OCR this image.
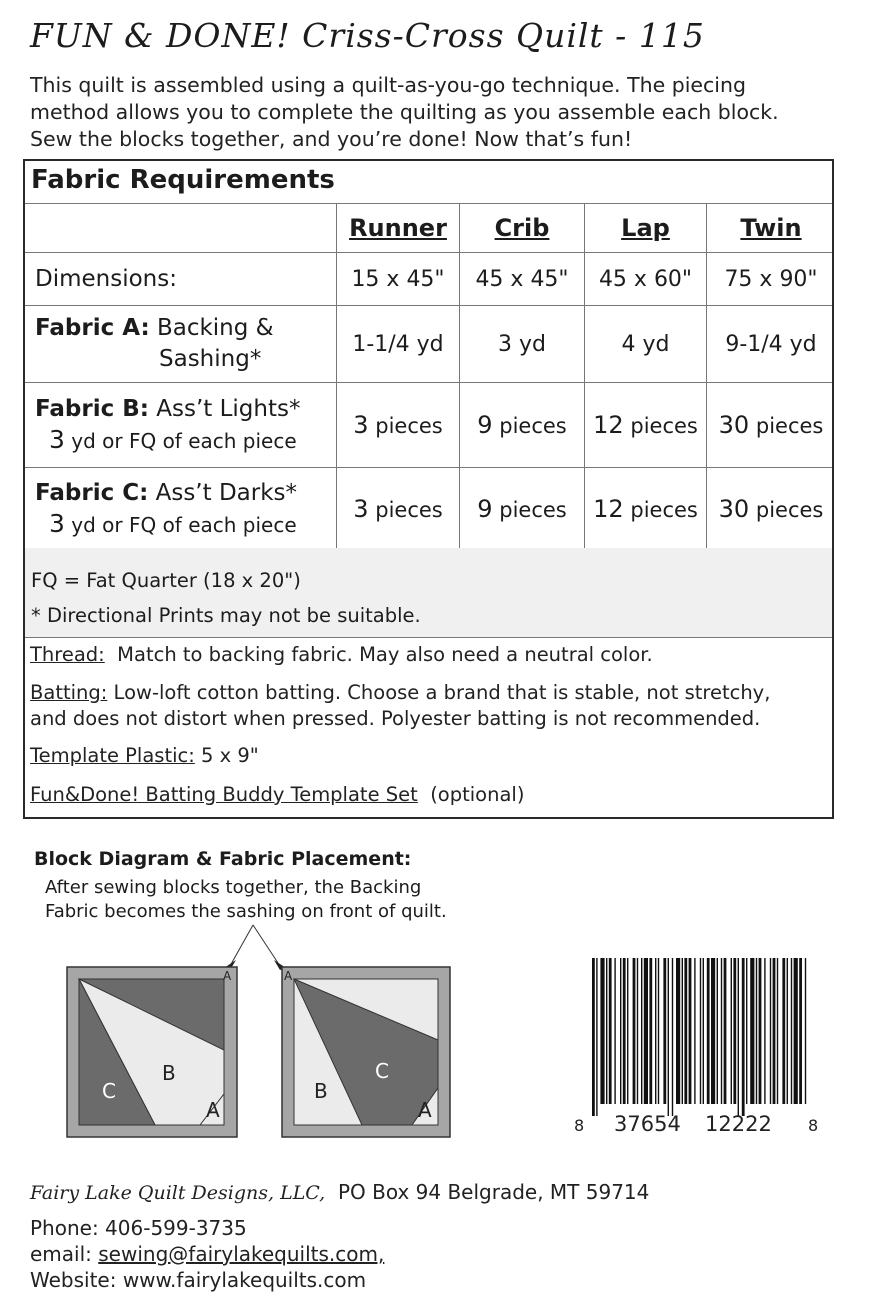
FUN & DONE! Criss-Cross Quilt - 115
This quilt is assembled using a quilt-as-you-go technique. The piecing
method allows you to complete the quilting as you assemble each block.
Sew the blocks together, and you’re done! Now that’s fun!
Fabric Requirements
	Runner	Crib	Lap	Twin
Dimensions:	15 x 45"	45 x 45"	45 x 60"	75 x 90"
Fabric A: Backing &
Sashing*	1-1/4 yd	3 yd	4 yd	9-1/4 yd
Fabric B: Ass’t Lights*
3 yd or FQ of each piece	3 pieces	9 pieces	12 pieces	30 pieces
Fabric C: Ass’t Darks*
3 yd or FQ of each piece	3 pieces	9 pieces	12 pieces	30 pieces
FQ = Fat Quarter (18 x 20")
* Directional Prints may not be suitable.
Thread: Match to backing fabric. May also need a neutral color.
Batting: Low-loft cotton batting. Choose a brand that is stable, not stretchy,
and does not distort when pressed. Polyester batting is not recommended.
Template Plastic: 5 x 9"
Fun&Done! Batting Buddy Template Set (optional)
Block Diagram & Fabric Placement:
After sewing blocks together, the Backing
Fabric becomes the sashing on front of quilt.
C
B
A
A
B
C
A
A
8 37654 12222 8
Fairy Lake Quilt Designs, LLC, PO Box 94 Belgrade, MT 59714
Phone: 406-599-3735
email: sewing@fairylakequilts.com,
Website: www.fairylakequilts.com
